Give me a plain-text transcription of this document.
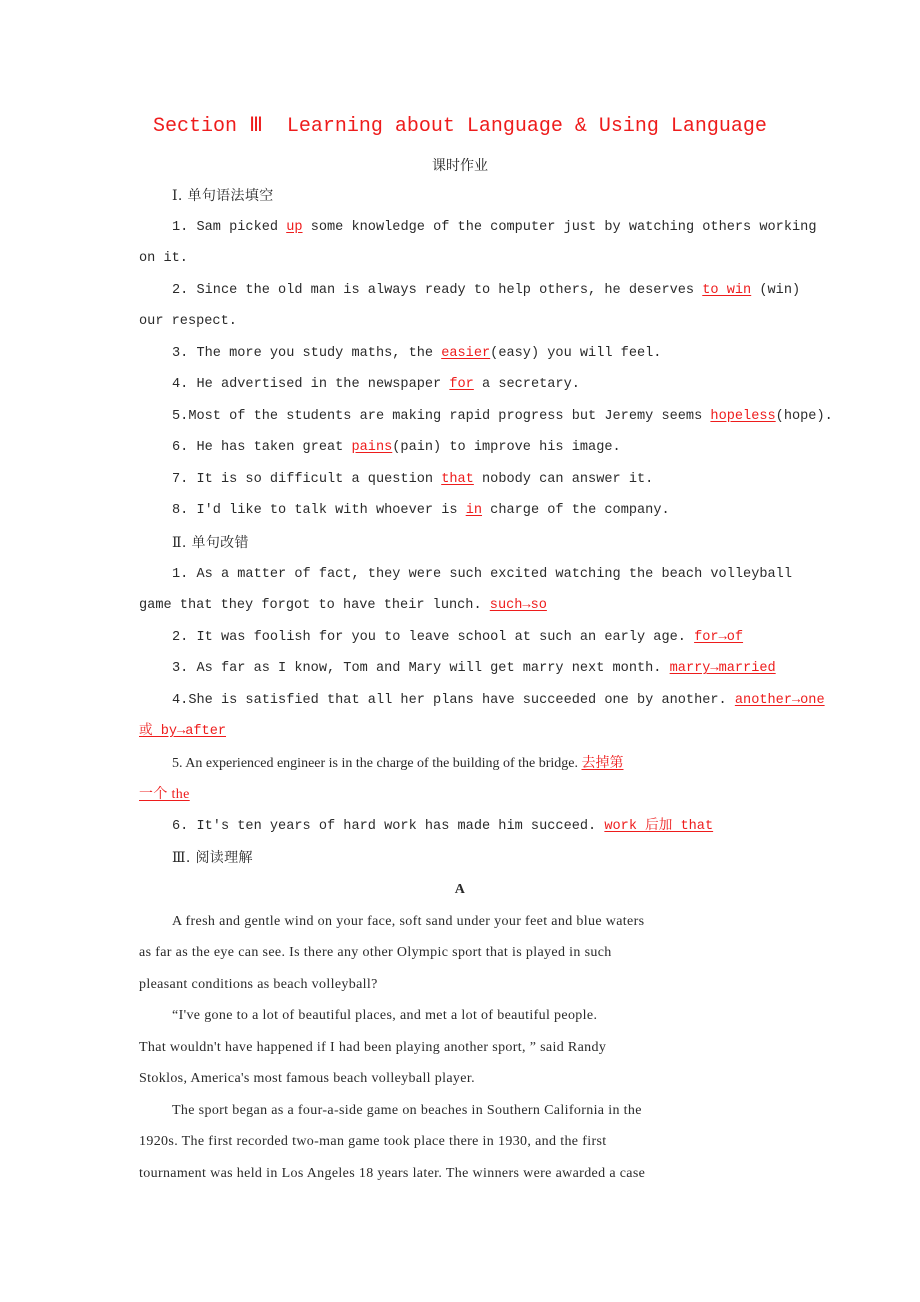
Section Ⅲ  Learning about Language & Using Language
课时作业
Ⅰ. 单句语法填空
1. Sam picked up some knowledge of the computer just by watching others working
on it.
2. Since the old man is always ready to help others, he deserves to win (win)
our respect.
3. The more you study maths, the easier(easy) you will feel.
4. He advertised in the newspaper for a secretary.
5.Most of the students are making rapid progress but Jeremy seems hopeless(hope).
6. He has taken great pains(pain) to improve his image.
7. It is so difficult a question that nobody can answer it.
8. I'd like to talk with whoever is in charge of the company.
Ⅱ. 单句改错
1. As a matter of fact, they were such excited watching the beach volleyball
game that they forgot to have their lunch. such→so
2. It was foolish for you to leave school at such an early age. for→of
3. As far as I know, Tom and Mary will get marry next month. marry→married
4.She is satisfied that all her plans have succeeded one by another. another→one
或 by→after
5. An experienced engineer is in the charge of the building of the bridge. 去掉第
一个 the
6. It's ten years of hard work has made him succeed. work 后加 that
Ⅲ. 阅读理解
A
A fresh and gentle wind on your face, soft sand under your feet and blue waters
as far as the eye can see. Is there any other Olympic sport that is played in such
pleasant conditions as beach volleyball?
“I've gone to a lot of beautiful places, and met a lot of beautiful people.
That wouldn't have happened if I had been playing another sport, ” said Randy
Stoklos, America's most famous beach volleyball player.
The sport began as a four-a-side game on beaches in Southern California in the
1920s. The first recorded two-man game took place there in 1930, and the first
tournament was held in Los Angeles 18 years later. The winners were awarded a case
